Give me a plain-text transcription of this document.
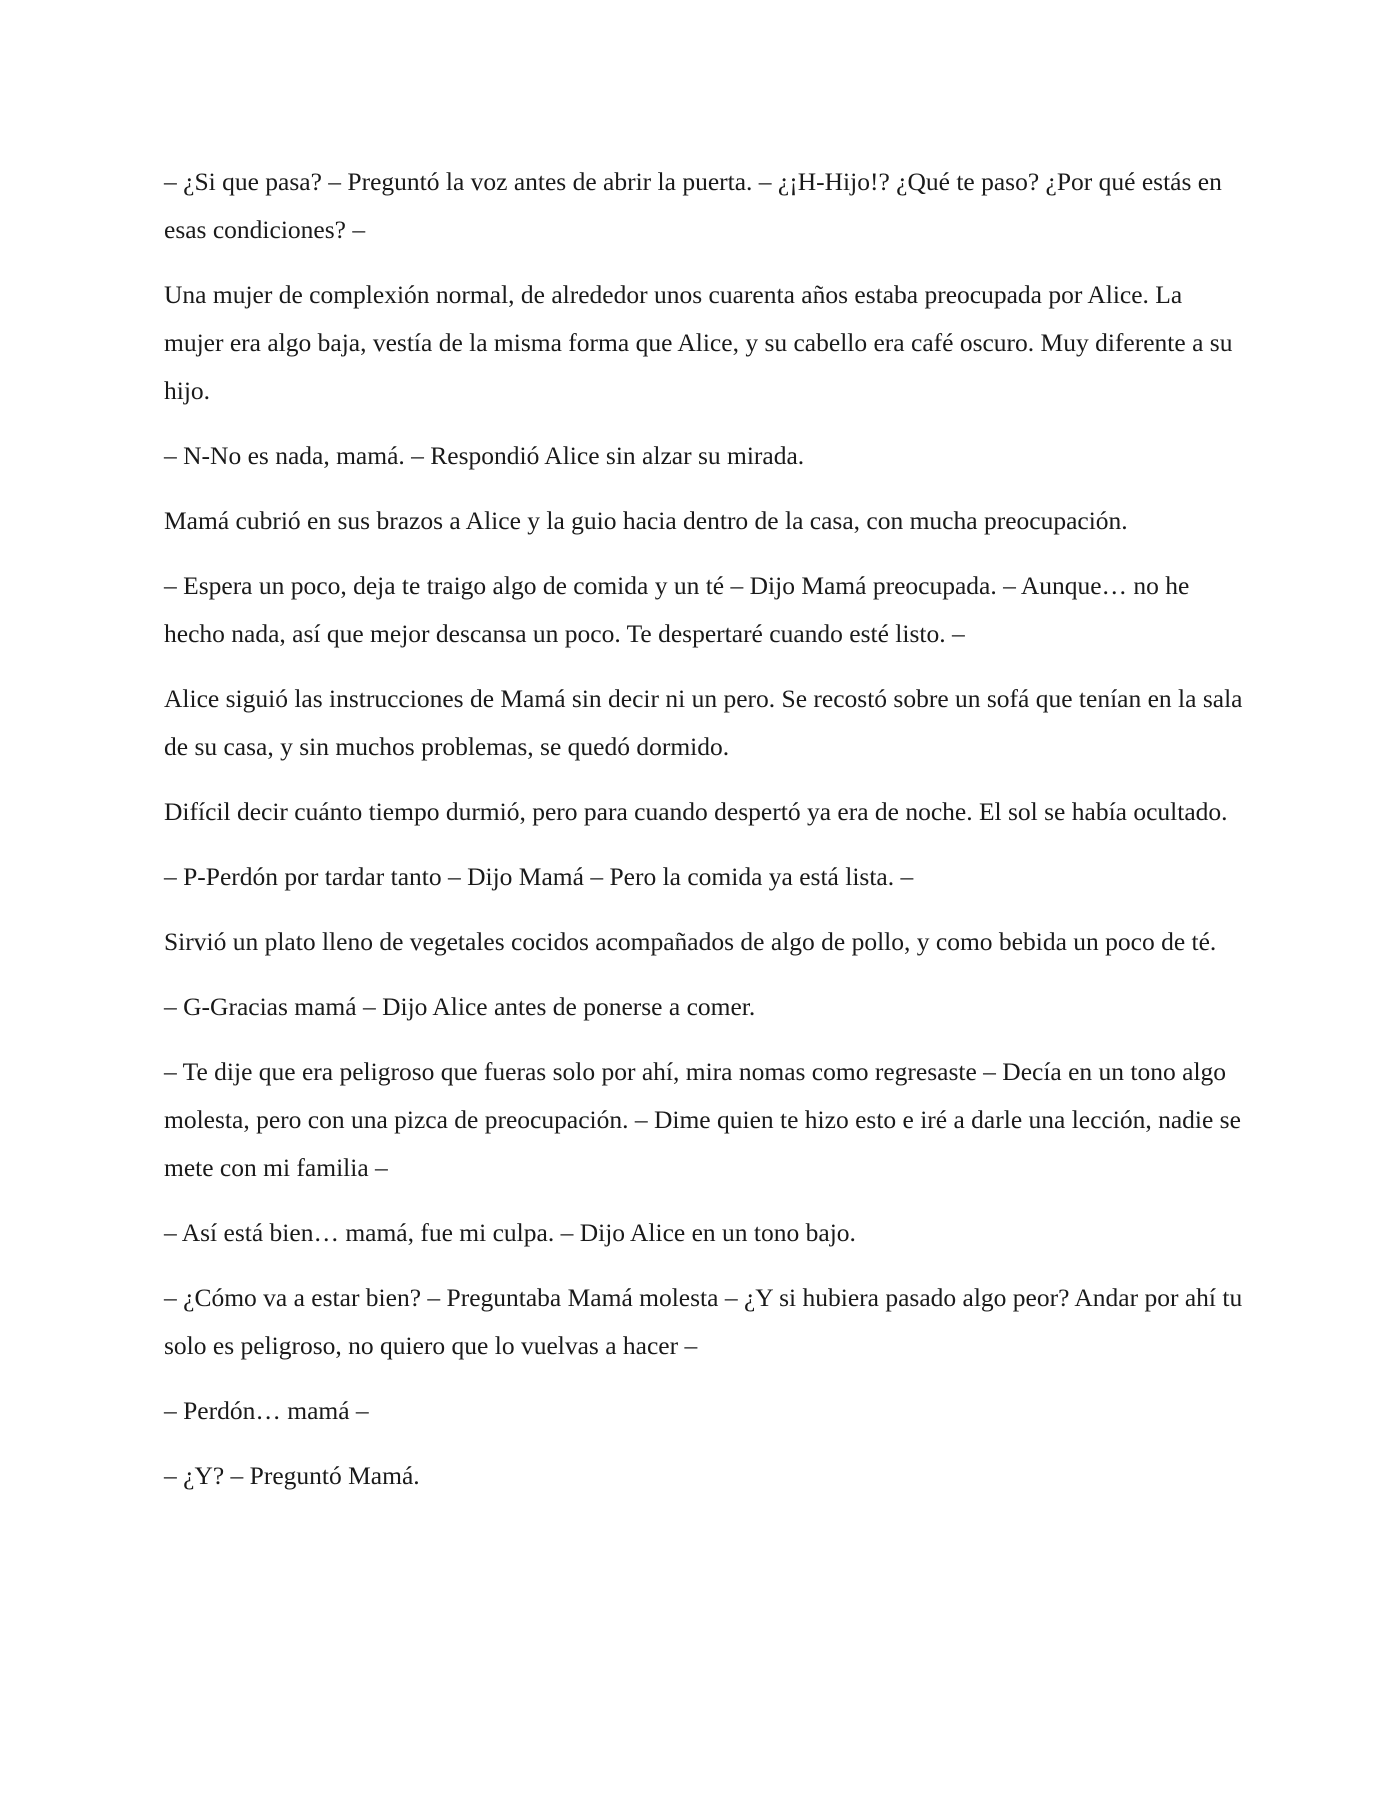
– ¿Si que pasa? – Preguntó la voz antes de abrir la puerta. – ¿¡H-Hijo!? ¿Qué te paso? ¿Por qué estás en esas condiciones? –

Una mujer de complexión normal, de alrededor unos cuarenta años estaba preocupada por Alice. La mujer era algo baja, vestía de la misma forma que Alice, y su cabello era café oscuro. Muy diferente a su hijo.

– N-No es nada, mamá. – Respondió Alice sin alzar su mirada.

Mamá cubrió en sus brazos a Alice y la guio hacia dentro de la casa, con mucha preocupación.

– Espera un poco, deja te traigo algo de comida y un té – Dijo Mamá preocupada. – Aunque… no he hecho nada, así que mejor descansa un poco. Te despertaré cuando esté listo. –

Alice siguió las instrucciones de Mamá sin decir ni un pero. Se recostó sobre un sofá que tenían en la sala de su casa, y sin muchos problemas, se quedó dormido.

Difícil decir cuánto tiempo durmió, pero para cuando despertó ya era de noche. El sol se había ocultado.

– P-Perdón por tardar tanto – Dijo Mamá – Pero la comida ya está lista. –

Sirvió un plato lleno de vegetales cocidos acompañados de algo de pollo, y como bebida un poco de té.

– G-Gracias mamá – Dijo Alice antes de ponerse a comer.

– Te dije que era peligroso que fueras solo por ahí, mira nomas como regresaste – Decía en un tono algo molesta, pero con una pizca de preocupación. – Dime quien te hizo esto e iré a darle una lección, nadie se mete con mi familia –

– Así está bien… mamá, fue mi culpa. – Dijo Alice en un tono bajo.

– ¿Cómo va a estar bien? – Preguntaba Mamá molesta – ¿Y si hubiera pasado algo peor? Andar por ahí tu solo es peligroso, no quiero que lo vuelvas a hacer –

– Perdón… mamá –

– ¿Y? – Preguntó Mamá.
